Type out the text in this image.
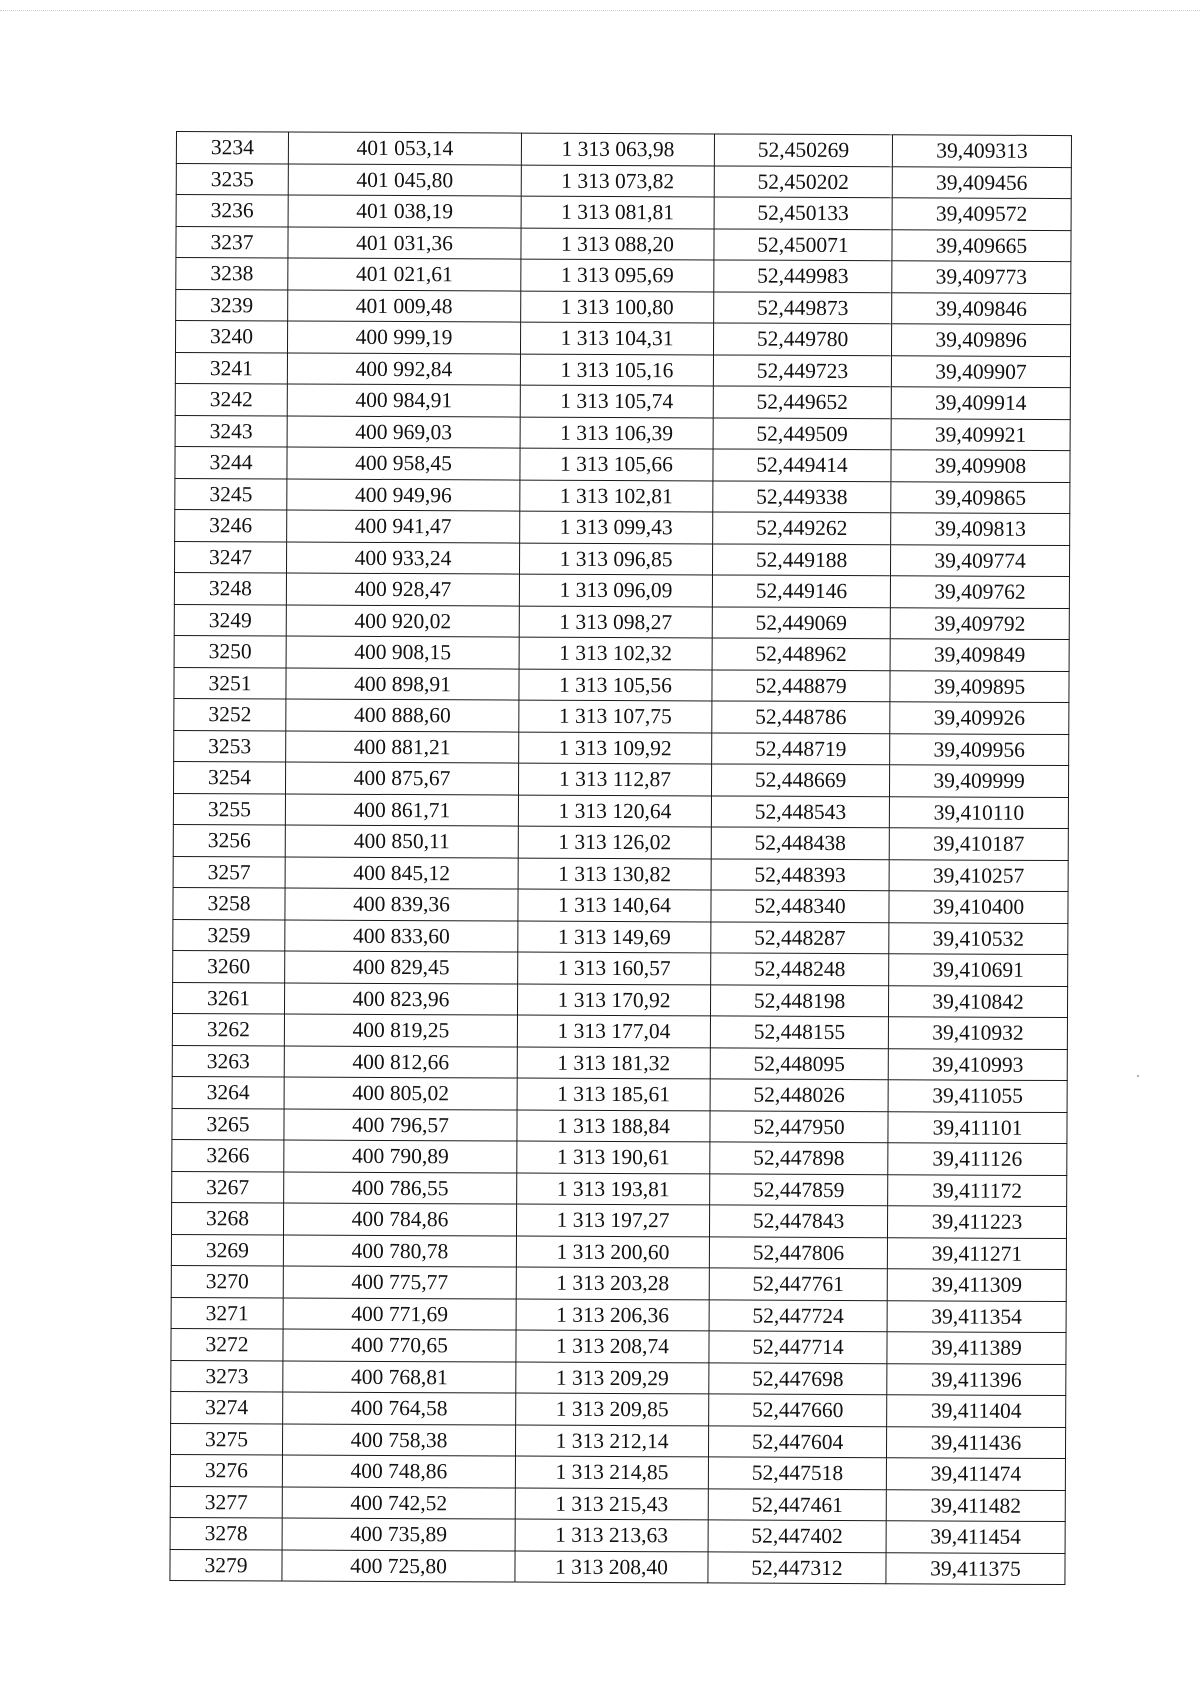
3234	401 053,14	1 313 063,98	52,450269	39,409313
3235	401 045,80	1 313 073,82	52,450202	39,409456
3236	401 038,19	1 313 081,81	52,450133	39,409572
3237	401 031,36	1 313 088,20	52,450071	39,409665
3238	401 021,61	1 313 095,69	52,449983	39,409773
3239	401 009,48	1 313 100,80	52,449873	39,409846
3240	400 999,19	1 313 104,31	52,449780	39,409896
3241	400 992,84	1 313 105,16	52,449723	39,409907
3242	400 984,91	1 313 105,74	52,449652	39,409914
3243	400 969,03	1 313 106,39	52,449509	39,409921
3244	400 958,45	1 313 105,66	52,449414	39,409908
3245	400 949,96	1 313 102,81	52,449338	39,409865
3246	400 941,47	1 313 099,43	52,449262	39,409813
3247	400 933,24	1 313 096,85	52,449188	39,409774
3248	400 928,47	1 313 096,09	52,449146	39,409762
3249	400 920,02	1 313 098,27	52,449069	39,409792
3250	400 908,15	1 313 102,32	52,448962	39,409849
3251	400 898,91	1 313 105,56	52,448879	39,409895
3252	400 888,60	1 313 107,75	52,448786	39,409926
3253	400 881,21	1 313 109,92	52,448719	39,409956
3254	400 875,67	1 313 112,87	52,448669	39,409999
3255	400 861,71	1 313 120,64	52,448543	39,410110
3256	400 850,11	1 313 126,02	52,448438	39,410187
3257	400 845,12	1 313 130,82	52,448393	39,410257
3258	400 839,36	1 313 140,64	52,448340	39,410400
3259	400 833,60	1 313 149,69	52,448287	39,410532
3260	400 829,45	1 313 160,57	52,448248	39,410691
3261	400 823,96	1 313 170,92	52,448198	39,410842
3262	400 819,25	1 313 177,04	52,448155	39,410932
3263	400 812,66	1 313 181,32	52,448095	39,410993
3264	400 805,02	1 313 185,61	52,448026	39,411055
3265	400 796,57	1 313 188,84	52,447950	39,411101
3266	400 790,89	1 313 190,61	52,447898	39,411126
3267	400 786,55	1 313 193,81	52,447859	39,411172
3268	400 784,86	1 313 197,27	52,447843	39,411223
3269	400 780,78	1 313 200,60	52,447806	39,411271
3270	400 775,77	1 313 203,28	52,447761	39,411309
3271	400 771,69	1 313 206,36	52,447724	39,411354
3272	400 770,65	1 313 208,74	52,447714	39,411389
3273	400 768,81	1 313 209,29	52,447698	39,411396
3274	400 764,58	1 313 209,85	52,447660	39,411404
3275	400 758,38	1 313 212,14	52,447604	39,411436
3276	400 748,86	1 313 214,85	52,447518	39,411474
3277	400 742,52	1 313 215,43	52,447461	39,411482
3278	400 735,89	1 313 213,63	52,447402	39,411454
3279	400 725,80	1 313 208,40	52,447312	39,411375
